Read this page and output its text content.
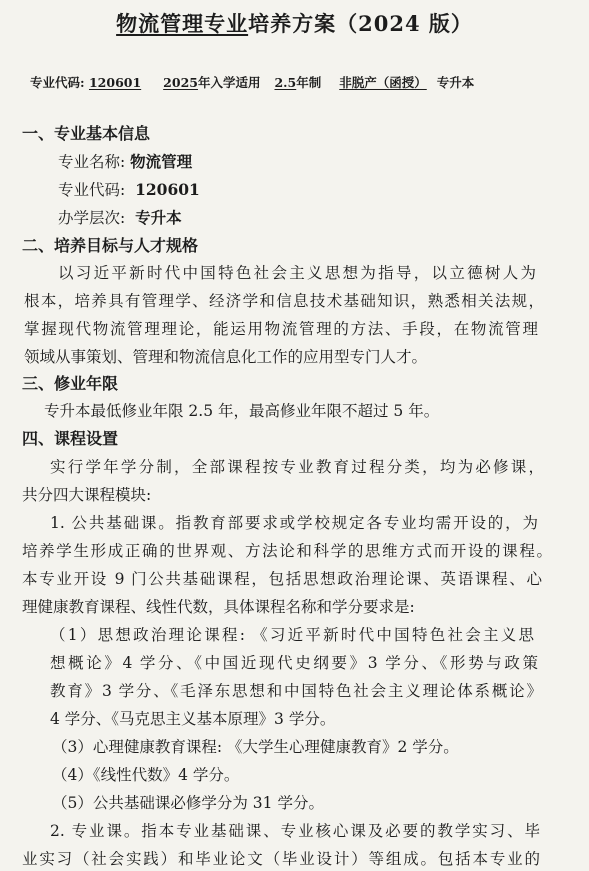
物流管理专业培养方案（2024 版）
专业代码: 120601 2025年入学适用 2.5年制 非脱产（函授） 专升本
一、专业基本信息
专业名称: 物流管理
专业代码: 120601
办学层次: 专升本
二、培养目标与人才规格
以习近平新时代中国特色社会主义思想为指导，以立德树人为
根本，培养具有管理学、经济学和信息技术基础知识，熟悉相关法规，
掌握现代物流管理理论，能运用物流管理的方法、手段，在物流管理
领域从事策划、管理和物流信息化工作的应用型专门人才。
三、修业年限
专升本最低修业年限 2.5 年，最高修业年限不超过 5 年。
四、课程设置
实行学年学分制，全部课程按专业教育过程分类，均为必修课，
共分四大课程模块:
1. 公共基础课。指教育部要求或学校规定各专业均需开设的，为
培养学生形成正确的世界观、方法论和科学的思维方式而开设的课程。
本专业开设 9 门公共基础课程，包括思想政治理论课、英语课程、心
理健康教育课程、线性代数，具体课程名称和学分要求是:
（1）思想政治理论课程: 《习近平新时代中国特色社会主义思
想概论》4 学分、《中国近现代史纲要》3 学分、《形势与政策
教育》3 学分、《毛泽东思想和中国特色社会主义理论体系概论》
4 学分、《马克思主义基本原理》3 学分。
（3）心理健康教育课程: 《大学生心理健康教育》2 学分。
（4）《线性代数》4 学分。
（5）公共基础课必修学分为 31 学分。
2. 专业课。指本专业基础课、专业核心课及必要的教学实习、毕
业实习（社会实践）和毕业论文（毕业设计）等组成。包括本专业的
